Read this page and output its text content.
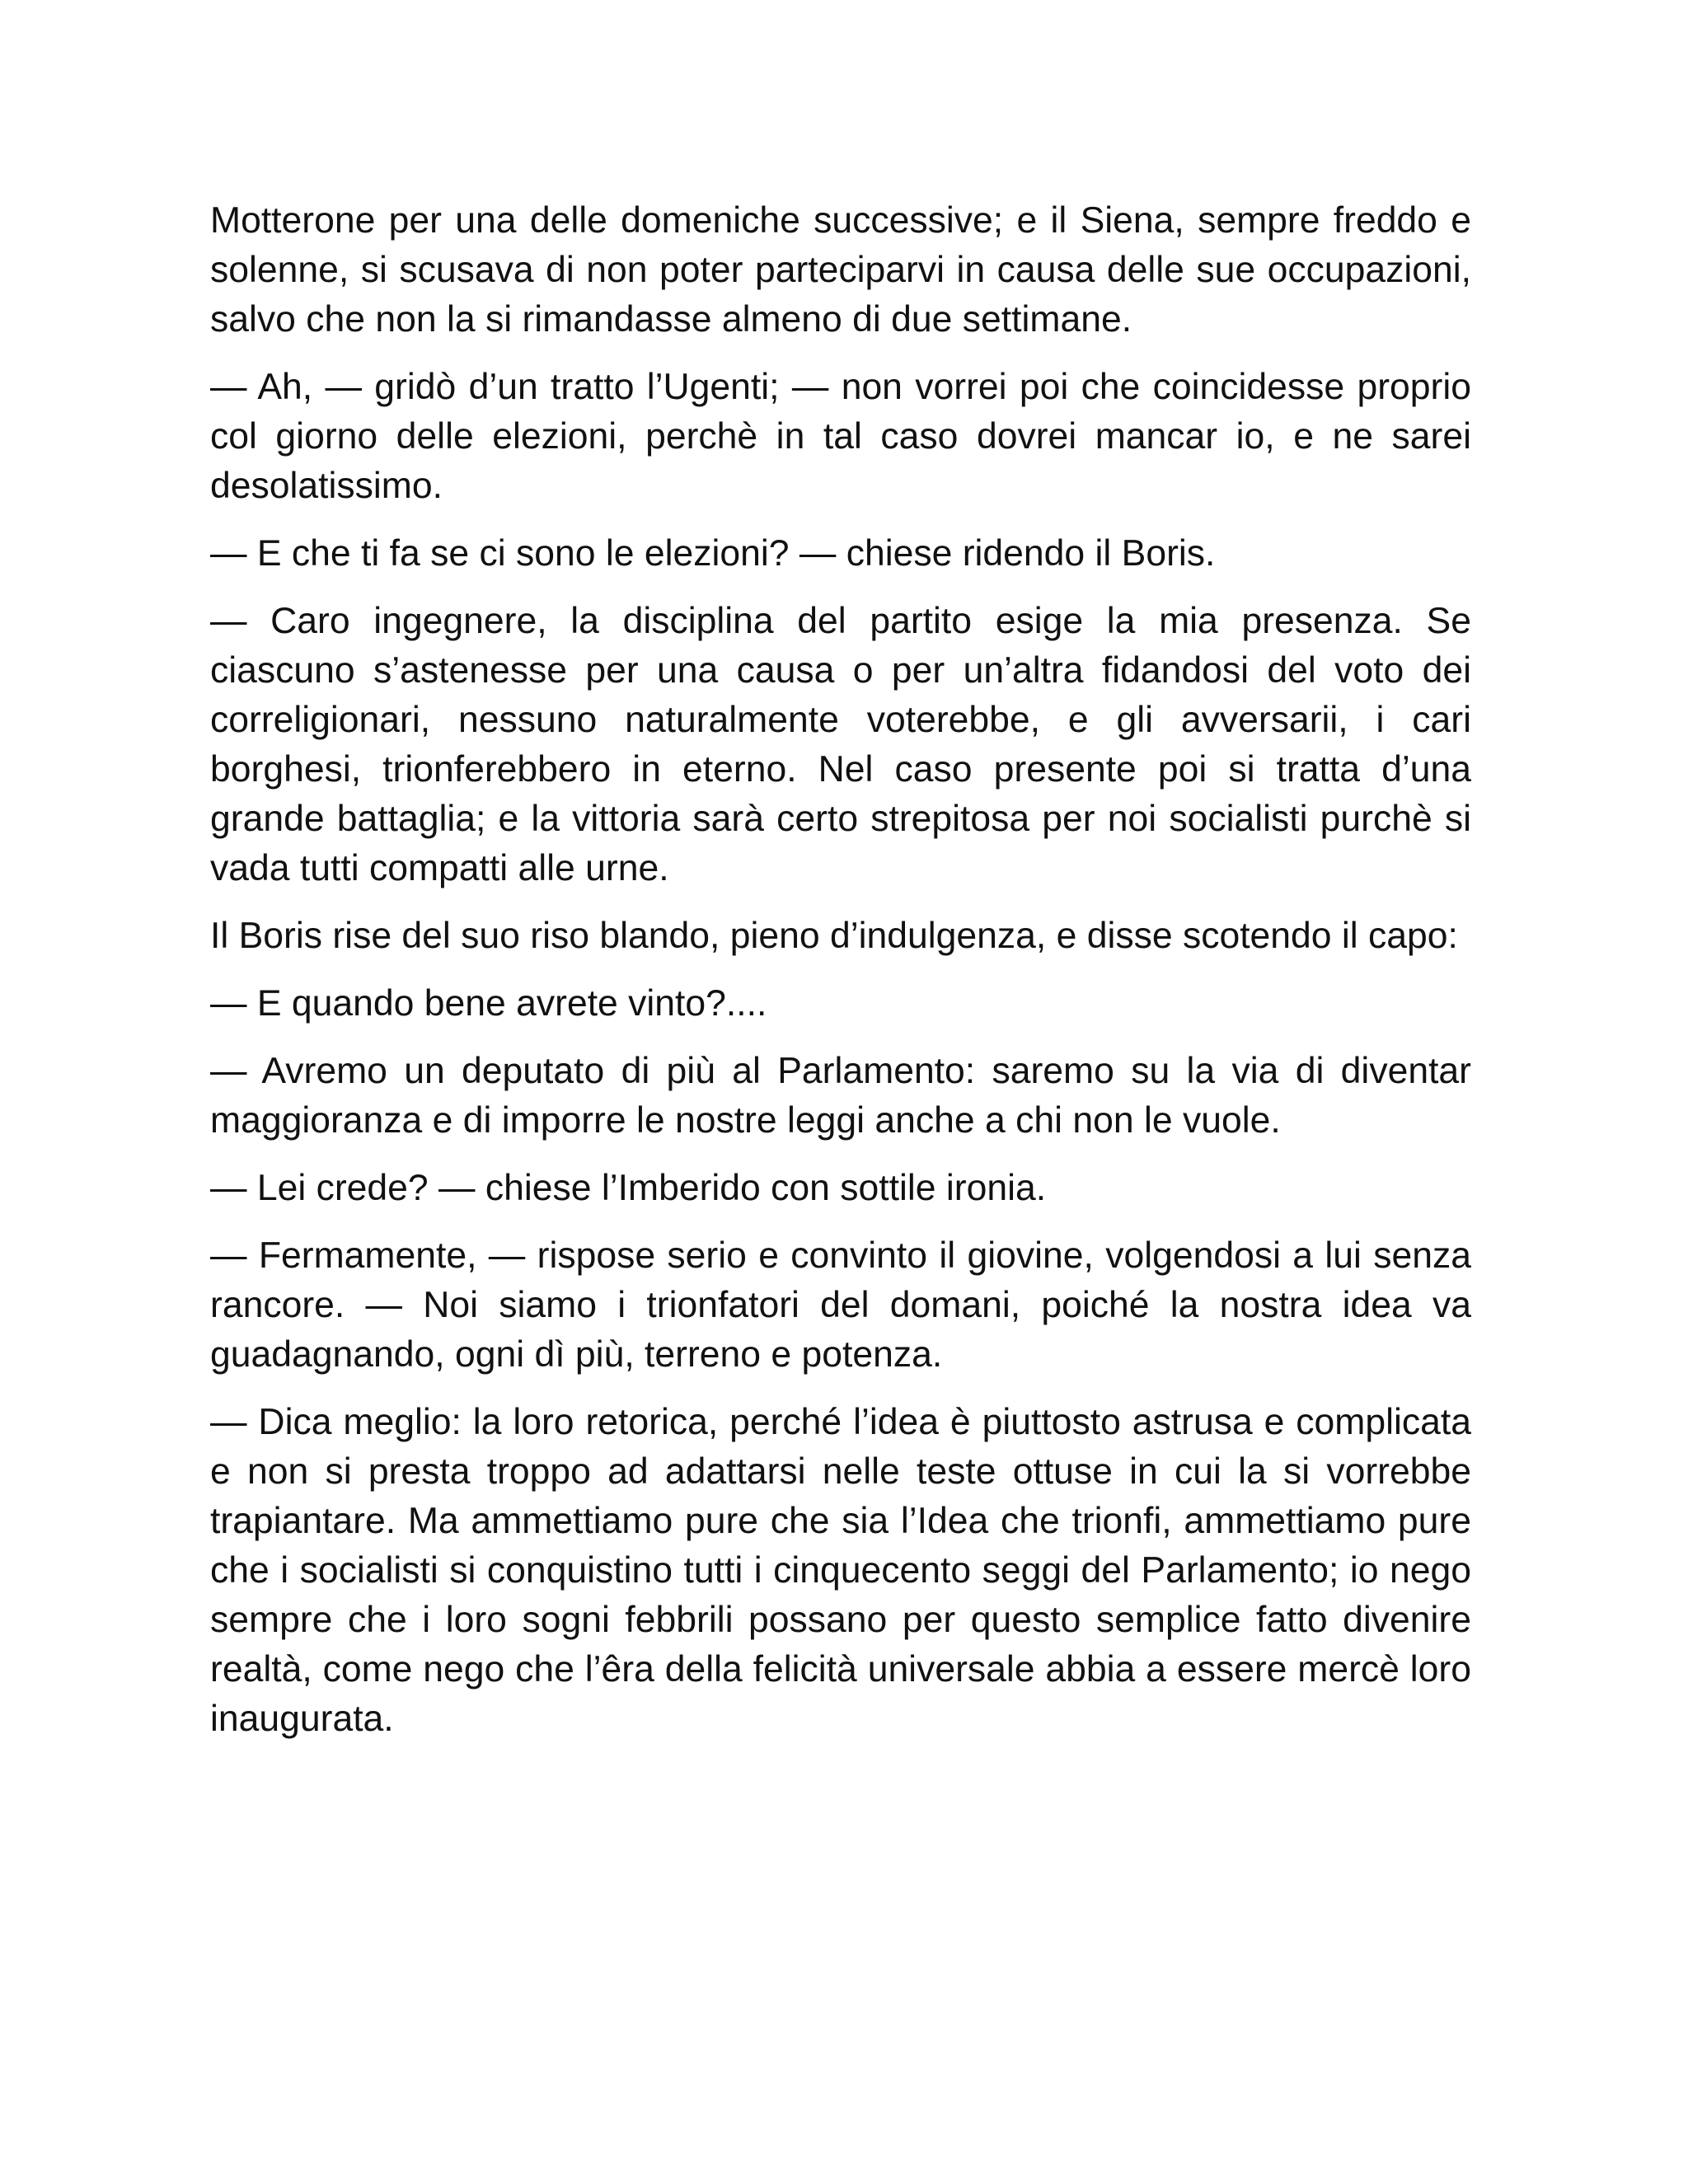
Motterone per una delle domeniche successive; e il Siena, sempre freddo e solenne, si scusava di non poter parteciparvi in causa delle sue occupazioni, salvo che non la si rimandasse almeno di due settimane.

— Ah, — gridò d’un tratto l’Ugenti; — non vorrei poi che coincidesse proprio col giorno delle elezioni, perchè in tal caso dovrei mancar io, e ne sarei desolatissimo.

— E che ti fa se ci sono le elezioni? — chiese ridendo il Boris.

— Caro ingegnere, la disciplina del partito esige la mia presenza. Se ciascuno s’astenesse per una causa o per un’altra fidandosi del voto dei correligionari, nessuno naturalmente voterebbe, e gli avversarii, i cari borghesi, trionferebbero in eterno. Nel caso presente poi si tratta d’una grande battaglia; e la vittoria sarà certo strepitosa per noi socialisti purchè si vada tutti compatti alle urne.

Il Boris rise del suo riso blando, pieno d’indulgenza, e disse scotendo il capo:

— E quando bene avrete vinto?....

— Avremo un deputato di più al Parlamento: saremo su la via di diventar maggioranza e di imporre le nostre leggi anche a chi non le vuole.

— Lei crede? — chiese l’Imberido con sottile ironia.

— Fermamente, — rispose serio e convinto il giovine, volgendosi a lui senza rancore. — Noi siamo i trionfatori del domani, poiché la nostra idea va guadagnando, ogni dì più, terreno e potenza.

— Dica meglio: la loro retorica, perché l’idea è piuttosto astrusa e complicata e non si presta troppo ad adattarsi nelle teste ottuse in cui la si vorrebbe trapiantare. Ma ammettiamo pure che sia l’Idea che trionfi, ammettiamo pure che i socialisti si conquistino tutti i cinquecento seggi del Parlamento; io nego sempre che i loro sogni febbrili possano per questo semplice fatto divenire realtà, come nego che l’êra della felicità universale abbia a essere mercè loro inaugurata.
